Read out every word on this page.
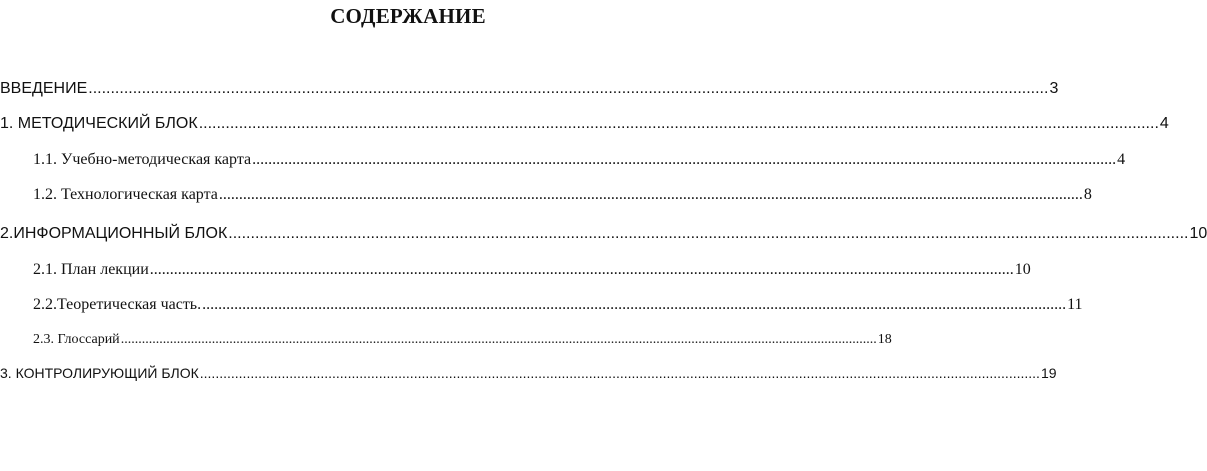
СОДЕРЖАНИЕ
ВВЕДЕНИЕ ........................................................................................................................................................................................................................ 3
1. МЕТОДИЧЕСКИЙ БЛОК ........................................................................................................................................................................................................................ 4
1.1. Учебно-методическая карта ........................................................................................................................................................................................................................ 4
1.2. Технологическая карта ........................................................................................................................................................................................................................ 8
2.ИНФОРМАЦИОННЫЙ БЛОК ........................................................................................................................................................................................................................ 10
2.1. План лекции ........................................................................................................................................................................................................................ 10
2.2.Теоретическая часть. ........................................................................................................................................................................................................................ 11
2.3. Глоссарий ........................................................................................................................................................................................................................ 18
3. КОНТРОЛИРУЮЩИЙ БЛОК ........................................................................................................................................................................................................................ 19
